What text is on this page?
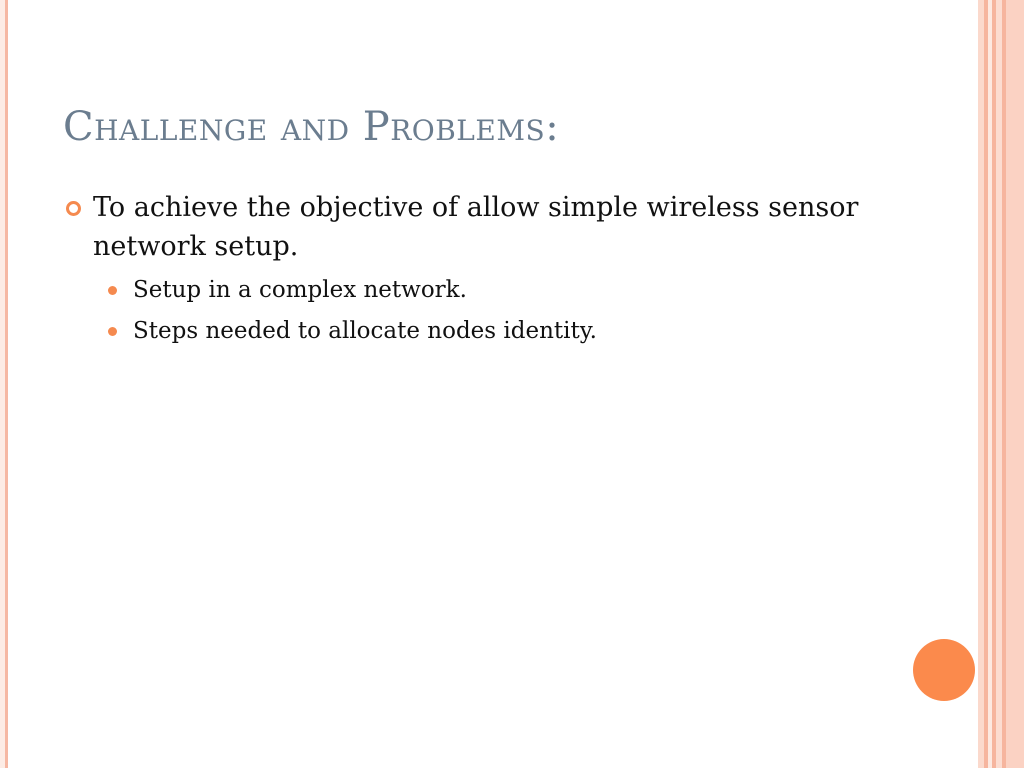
Challenge and Problems:
To achieve the objective of allow simple wireless sensor network setup.
Setup in a complex network.
Steps needed to allocate nodes identity.
